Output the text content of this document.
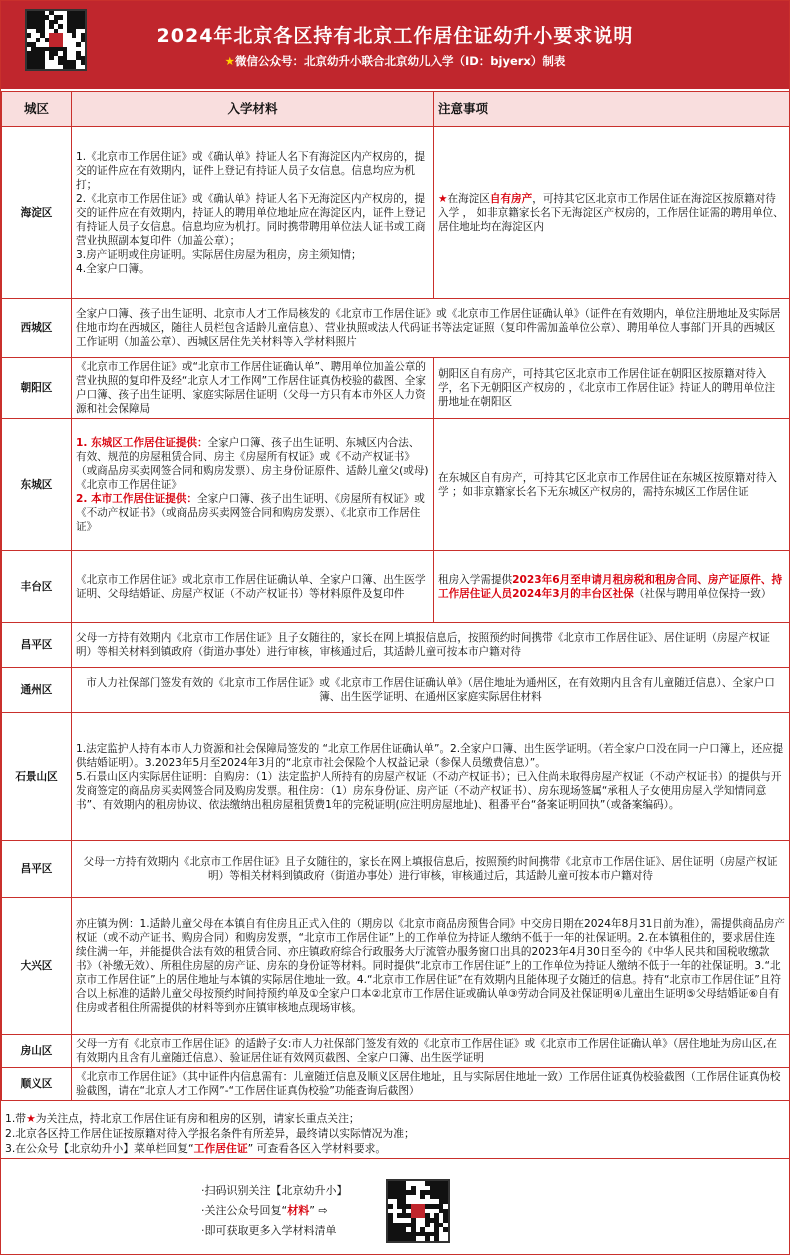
2024年北京各区持有北京工作居住证幼升小要求说明
★微信公众号：北京幼升小联合北京幼儿入学（ID：bjyerx）制表
城区	入学材料	注意事项
海淀区	1.《北京市工作居住证》或《确认单》持证人名下有海淀区内产权房的，提交的证件应在有效期内，证件上登记有持证人员子女信息。信息均应为机打；
2.《北京市工作居住证》或《确认单》持证人名下无海淀区内产权房的，提交的证件应在有效期内，持证人的聘用单位地址应在海淀区内，证件上登记有持证人员子女信息。信息均应为机打。同时携带聘用单位法人证书或工商营业执照副本复印件（加盖公章）；
3.房产证明或住房证明。实际居住房屋为租房，房主须知情；
4.全家户口簿。	★在海淀区自有房产，可持其它区北京市工作居住证在海淀区按原籍对待入学 ， 如非京籍家长名下无海淀区产权房的，工作居住证需的聘用单位、居住地址均在海淀区内
西城区	全家户口簿、孩子出生证明、北京市人才工作局核发的《北京市工作居住证》或《北京市工作居住证确认单》（证件在有效期内，单位注册地址及实际居住地市均在西城区，随往人员栏包含适龄儿童信息）、营业执照或法人代码证书等法定证照（复印件需加盖单位公章）、聘用单位人事部门开具的西城区工作证明（加盖公章）、西城区居住先关材料等入学材料照片	
朝阳区	《北京市工作居住证》或“北京市工作居住证确认单”、聘用单位加盖公章的营业执照的复印件及经“北京人才工作网”工作居住证真伪校验的截图、全家户口簿、孩子出生证明、家庭实际居住证明（父母一方只有本市外区人力资源和社会保障局	朝阳区自有房产，可持其它区北京市工作居住证在朝阳区按原籍对待入学，名下无朝阳区产权房的 ，《北京市工作居住证》持证人的聘用单位注册地址在朝阳区
东城区	1. 东城区工作居住证提供：全家户口簿、孩子出生证明、东城区内合法、有效、规范的房屋租赁合同、房主《房屋所有权证》或《不动产权证书》（或商品房买卖网签合同和购房发票）、房主身份证原件、适龄儿童父(或母)《北京市工作居住证》
2. 本市工作居住证提供：全家户口簿、孩子出生证明、《房屋所有权证》或《不动产权证书》（或商品房买卖网签合同和购房发票）、《北京市工作居住证》	在东城区自有房产，可持其它区北京市工作居住证在东城区按原籍对待入学 ；如非京籍家长名下无东城区产权房的，需持东城区工作居住证
丰台区	《北京市工作居住证》或北京市工作居住证确认单、全家户口簿、出生医学证明、父母结婚证、房屋产权证（不动产权证书）等材料原件及复印件	租房入学需提供2023年6月至申请月租房税和租房合同、房产证原件、持工作居住证人员2024年3月的丰台区社保（社保与聘用单位保持一致）
昌平区	父母一方持有效期内《北京市工作居住证》且子女随往的，家长在网上填报信息后，按照预约时间携带《北京市工作居住证》、居住证明（房屋产权证明）等相关材料到镇政府（街道办事处）进行审核，审核通过后，其适龄儿童可按本市户籍对待	
通州区	市人力社保部门签发有效的《北京市工作居住证》或《北京市工作居住证确认单》（居住地址为通州区，在有效期内且含有儿童随迁信息）、全家户口簿、出生医学证明、在通州区家庭实际居住材料	
石景山区	1.法定监护人持有本市人力资源和社会保障局签发的 “北京工作居住证确认单”。2.全家户口簿、出生医学证明。（若全家户口没在同一户口簿上，还应提供结婚证明）。3.2023年5月至2024年3月的“北京市社会保险个人权益记录（参保人员缴费信息）”。
5.石景山区内实际居住证明：自购房：（1）法定监护人所持有的房屋产权证（不动产权证书）；已入住尚未取得房屋产权证（不动产权证书）的提供与开发商签定的商品房买卖网签合同及购房发票。租住房：（1）房东身份证、房产证（不动产权证书）、房东现场签属“承租人子女使用房屋入学知情同意书”、有效期内的租房协议、依法缴纳出租房屋租赁费1年的完税证明(应注明房屋地址)、租番平台“备案证明回执”（或备案编码）。	
昌平区	父母一方持有效期内《北京市工作居住证》且子女随往的，家长在网上填报信息后，按照预约时间携带《北京市工作居住证》、居住证明（房屋产权证明）等相关材料到镇政府（街道办事处）进行审核，审核通过后，其适龄儿童可按本市户籍对待	
大兴区	亦庄镇为例：1.适龄儿童父母在本镇自有住房且正式入住的（期房以《北京市商品房预售合同》中交房日期在2024年8月31日前为准），需提供商品房产权证（或不动产证书、购房合同）和购房发票，“北京市工作居住证”上的工作单位为持证人缴纳不低于一年的社保证明。2.在本镇租住的，要求居住连续住满一年，并能提供合法有效的租赁合同、亦庄镇政府综合行政服务大厅流管办服务窗口出具的2023年4月30日至今的《中华人民共和国税收缴款书》（补缴无效）、所租住房屋的房产证、房东的身份证等材料。同时提供“北京市工作居住证”上的工作单位为持证人缴纳不低于一年的社保证明。3.“北京市工作居住证”上的居住地址与本镇的实际居住地址一致。4.“北京市工作居住证”在有效期内且能体现子女随迁的信息。持有“北京市工作居住证”且符合以上标准的适龄儿童父母按预约时间持预约单及①全家户口本②北京市工作居住证或确认单③劳动合同及社保证明④儿童出生证明⑤父母结婚证⑥自有住房或者租住所需提供的材料等到亦庄镇审核地点现场审核。	
房山区	父母一方有《北京市工作居住证》的适龄子女:市人力社保部门签发有效的《北京市工作居住证》或《北京市工作居住证确认单》（居住地址为房山区,在有效期内且含有儿童随迁信息）、验证居住证有效网页截图、全家户口簿、出生医学证明	
顺义区	《北京市工作居住证》（其中证件内信息需有：儿童随迁信息及顺义区居住地址，且与实际居住地址一致）工作居住证真伪校验截图（工作居住证真伪校验截图，请在“北京人才工作网”-“工作居住证真伪校验”功能查询后截图）	
1.带★为关注点，持北京工作居住证有房和租房的区别，请家长重点关注；
2.北京各区持工作居住证按原籍对待入学报名条件有所差异，最终请以实际情况为准；
3.在公众号【北京幼升小】菜单栏回复“工作居住证” 可查看各区入学材料要求。
·扫码识别关注【北京幼升小】
·关注公众号回复“材料” ⇨
·即可获取更多入学材料清单
